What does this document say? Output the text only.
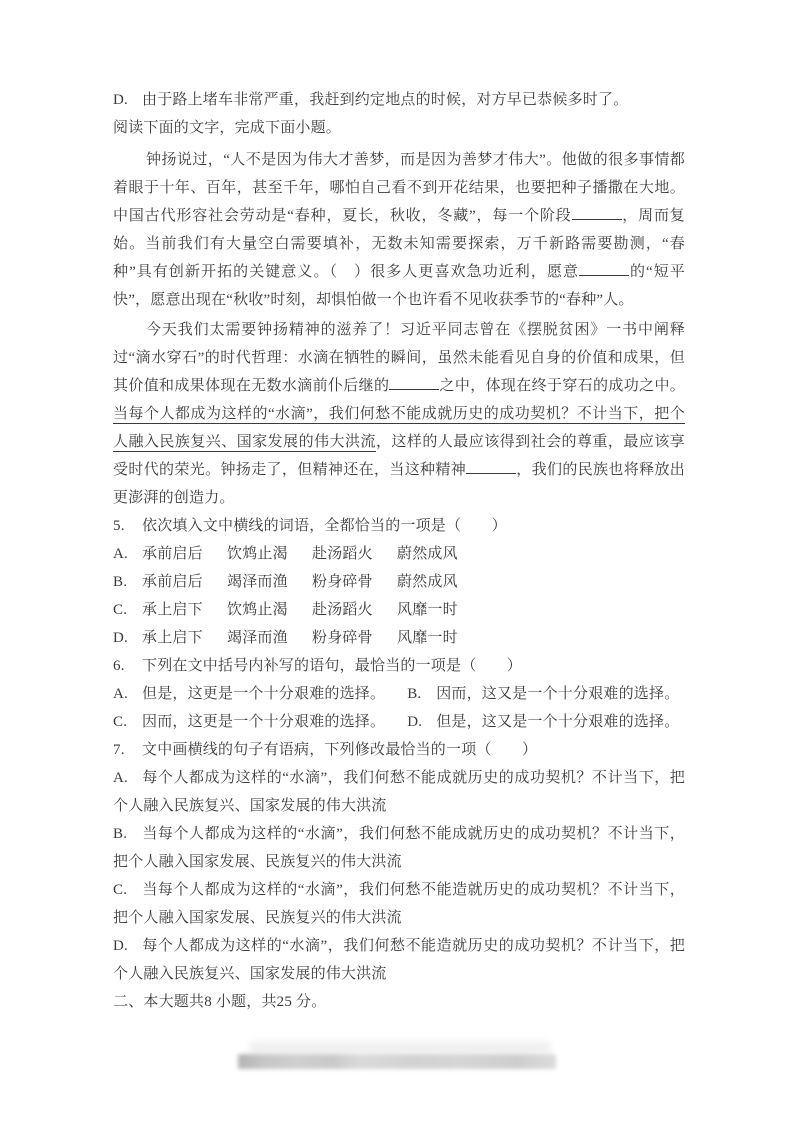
D. 由于路上堵车非常严重，我赶到约定地点的时候，对方早已恭候多时了。

阅读下面的文字，完成下面小题。

钟扬说过，“人不是因为伟大才善梦，而是因为善梦才伟大”。他做的很多事情都着眼于十年、百年，甚至千年，哪怕自己看不到开花结果，也要把种子播撒在大地。中国古代形容社会劳动是“春种，夏长，秋收，冬藏”，每一个阶段	，周而复始。当前我们有大量空白需要填补，无数未知需要探索，万千新路需要勘测，“春种”具有创新开拓的关键意义。（　）很多人更喜欢急功近利，愿意	的“短平快”，愿意出现在“秋收”时刻，却惧怕做一个也许看不见收获季节的“春种”人。

今天我们太需要钟扬精神的滋养了！习近平同志曾在《摆脱贫困》一书中阐释过“滴水穿石”的时代哲理：水滴在牺牲的瞬间，虽然未能看见自身的价值和成果，但其价值和成果体现在无数水滴前仆后继的	之中，体现在终于穿石的成功之中。当每个人都成为这样的“水滴”，我们何愁不能成就历史的成功契机？不计当下，把个人融入民族复兴、国家发展的伟大洪流，这样的人最应该得到社会的尊重，最应该享受时代的荣光。钟扬走了，但精神还在，当这种精神	，我们的民族也将释放出更澎湃的创造力。

5. 依次填入文中横线的词语，全都恰当的一项是（　　）

A. 承前启后 饮鸩止渴 赴汤蹈火 蔚然成风

B. 承前启后 竭泽而渔 粉身碎骨 蔚然成风

C. 承上启下 饮鸩止渴 赴汤蹈火 风靡一时

D. 承上启下 竭泽而渔 粉身碎骨 风靡一时

6. 下列在文中括号内补写的语句，最恰当的一项是（　　）

A. 但是，这更是一个十分艰难的选择。 B. 因而，这又是一个十分艰难的选择。

C. 因而，这更是一个十分艰难的选择。 D. 但是，这又是一个十分艰难的选择。

7. 文中画横线的句子有语病，下列修改最恰当的一项（　　）

A. 每个人都成为这样的“水滴”，我们何愁不能成就历史的成功契机？不计当下，把个人融入民族复兴、国家发展的伟大洪流

B. 当每个人都成为这样的“水滴”，我们何愁不能成就历史的成功契机？不计当下，把个人融入国家发展、民族复兴的伟大洪流

C. 当每个人都成为这样的“水滴”，我们何愁不能造就历史的成功契机？不计当下，把个人融入国家发展、民族复兴的伟大洪流

D. 每个人都成为这样的“水滴”，我们何愁不能造就历史的成功契机？不计当下，把个人融入民族复兴、国家发展的伟大洪流

二、本大题共8 小题，共25 分。
